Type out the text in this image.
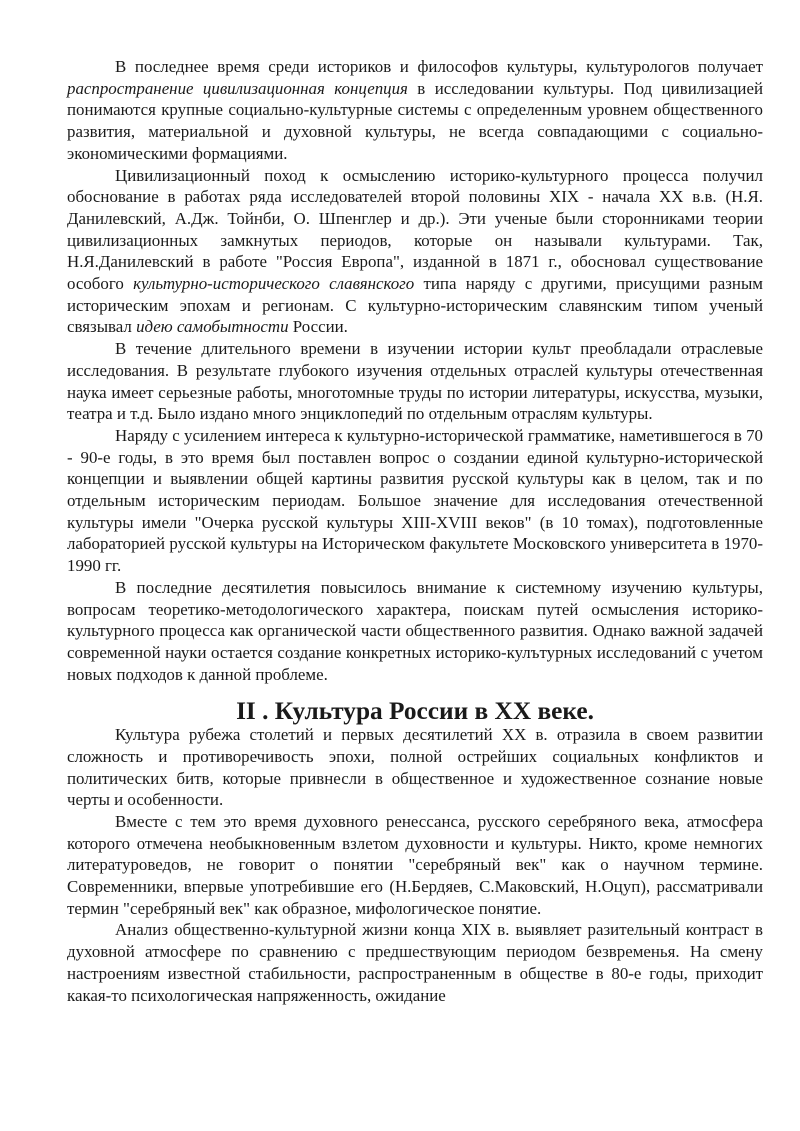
В последнее время среди историков и философов культуры, культурологов получает распространение цивилизационная концепция в исследовании культуры. Под цивилизацией понимаются крупные социально-культурные системы с определенным уровнем общественного развития, материальной и духовной культуры, не всегда совпадающими с социально-экономическими формациями.

Цивилизационный поход к осмыслению историко-культурного процесса получил обоснование в работах ряда исследователей второй половины XIX - начала XX в.в. (Н.Я. Данилевский, А.Дж. Тойнби, О. Шпенглер и др.). Эти ученые были сторонниками теории цивилизационных замкнутых периодов, которые он называли культурами. Так, Н.Я.Данилевский в работе "Россия Европа", изданной в 1871 г., обосновал существование особого культурно-исторического славянского типа наряду с другими, присущими разным историческим эпохам и регионам. С культурно-историческим славянским типом ученый связывал идею самобытности России.

В течение длительного времени в изучении истории культ преобладали отраслевые исследования. В результате глубокого изучения отдельных отраслей культуры отечественная наука имеет серьезные работы, многотомные труды по истории литературы, искусства, музыки, театра и т.д. Было издано много энциклопедий по отдельным отраслям культуры.

Наряду с усилением интереса к культурно-исторической грамматике, наметившегося в 70 - 90-е годы, в это время был поставлен вопрос о создании единой культурно-исторической концепции и выявлении общей картины развития русской культуры как в целом, так и по отдельным историческим периодам. Большое значение для исследования отечественной культуры имели "Очерка русской культуры XIII-XVIII веков" (в 10 томах), подготовленные лабораторией русской культуры на Историческом факультете Московского университета в 1970-1990 гг.

В последние десятилетия повысилось внимание к системному изучению культуры, вопросам теоретико-методологического характера, поискам путей осмысления историко-культурного процесса как органической части общественного развития. Однако важной задачей современной науки остается создание конкретных историко-кулътурных исследований с учетом новых подходов к данной проблеме.

II . Культура России в XX веке.

Культура рубежа столетий и первых десятилетий XX в. отразила в своем развитии сложность и противоречивость эпохи, полной острейших социальных конфликтов и политических битв, которые привнесли в общественное и художественное сознание новые черты и особенности.

Вместе с тем это время духовного ренессанса, русского серебряного века, атмосфера которого отмечена необыкновенным взлетом духовности и культуры. Никто, кроме немногих литературоведов, не говорит о понятии "серебряный век" как о научном термине. Современники, впервые употребившие его (Н.Бердяев, С.Маковский, Н.Оцуп), рассматривали термин "серебряный век" как образное, мифологическое понятие.

Анализ общественно-культурной жизни конца XIX в. выявляет разительный контраст в духовной атмосфере по сравнению с предшествующим периодом безвременья. На смену настроениям известной стабильности, распространенным в обществе в 80-е годы, приходит какая-то психологическая напряженность, ожидание
